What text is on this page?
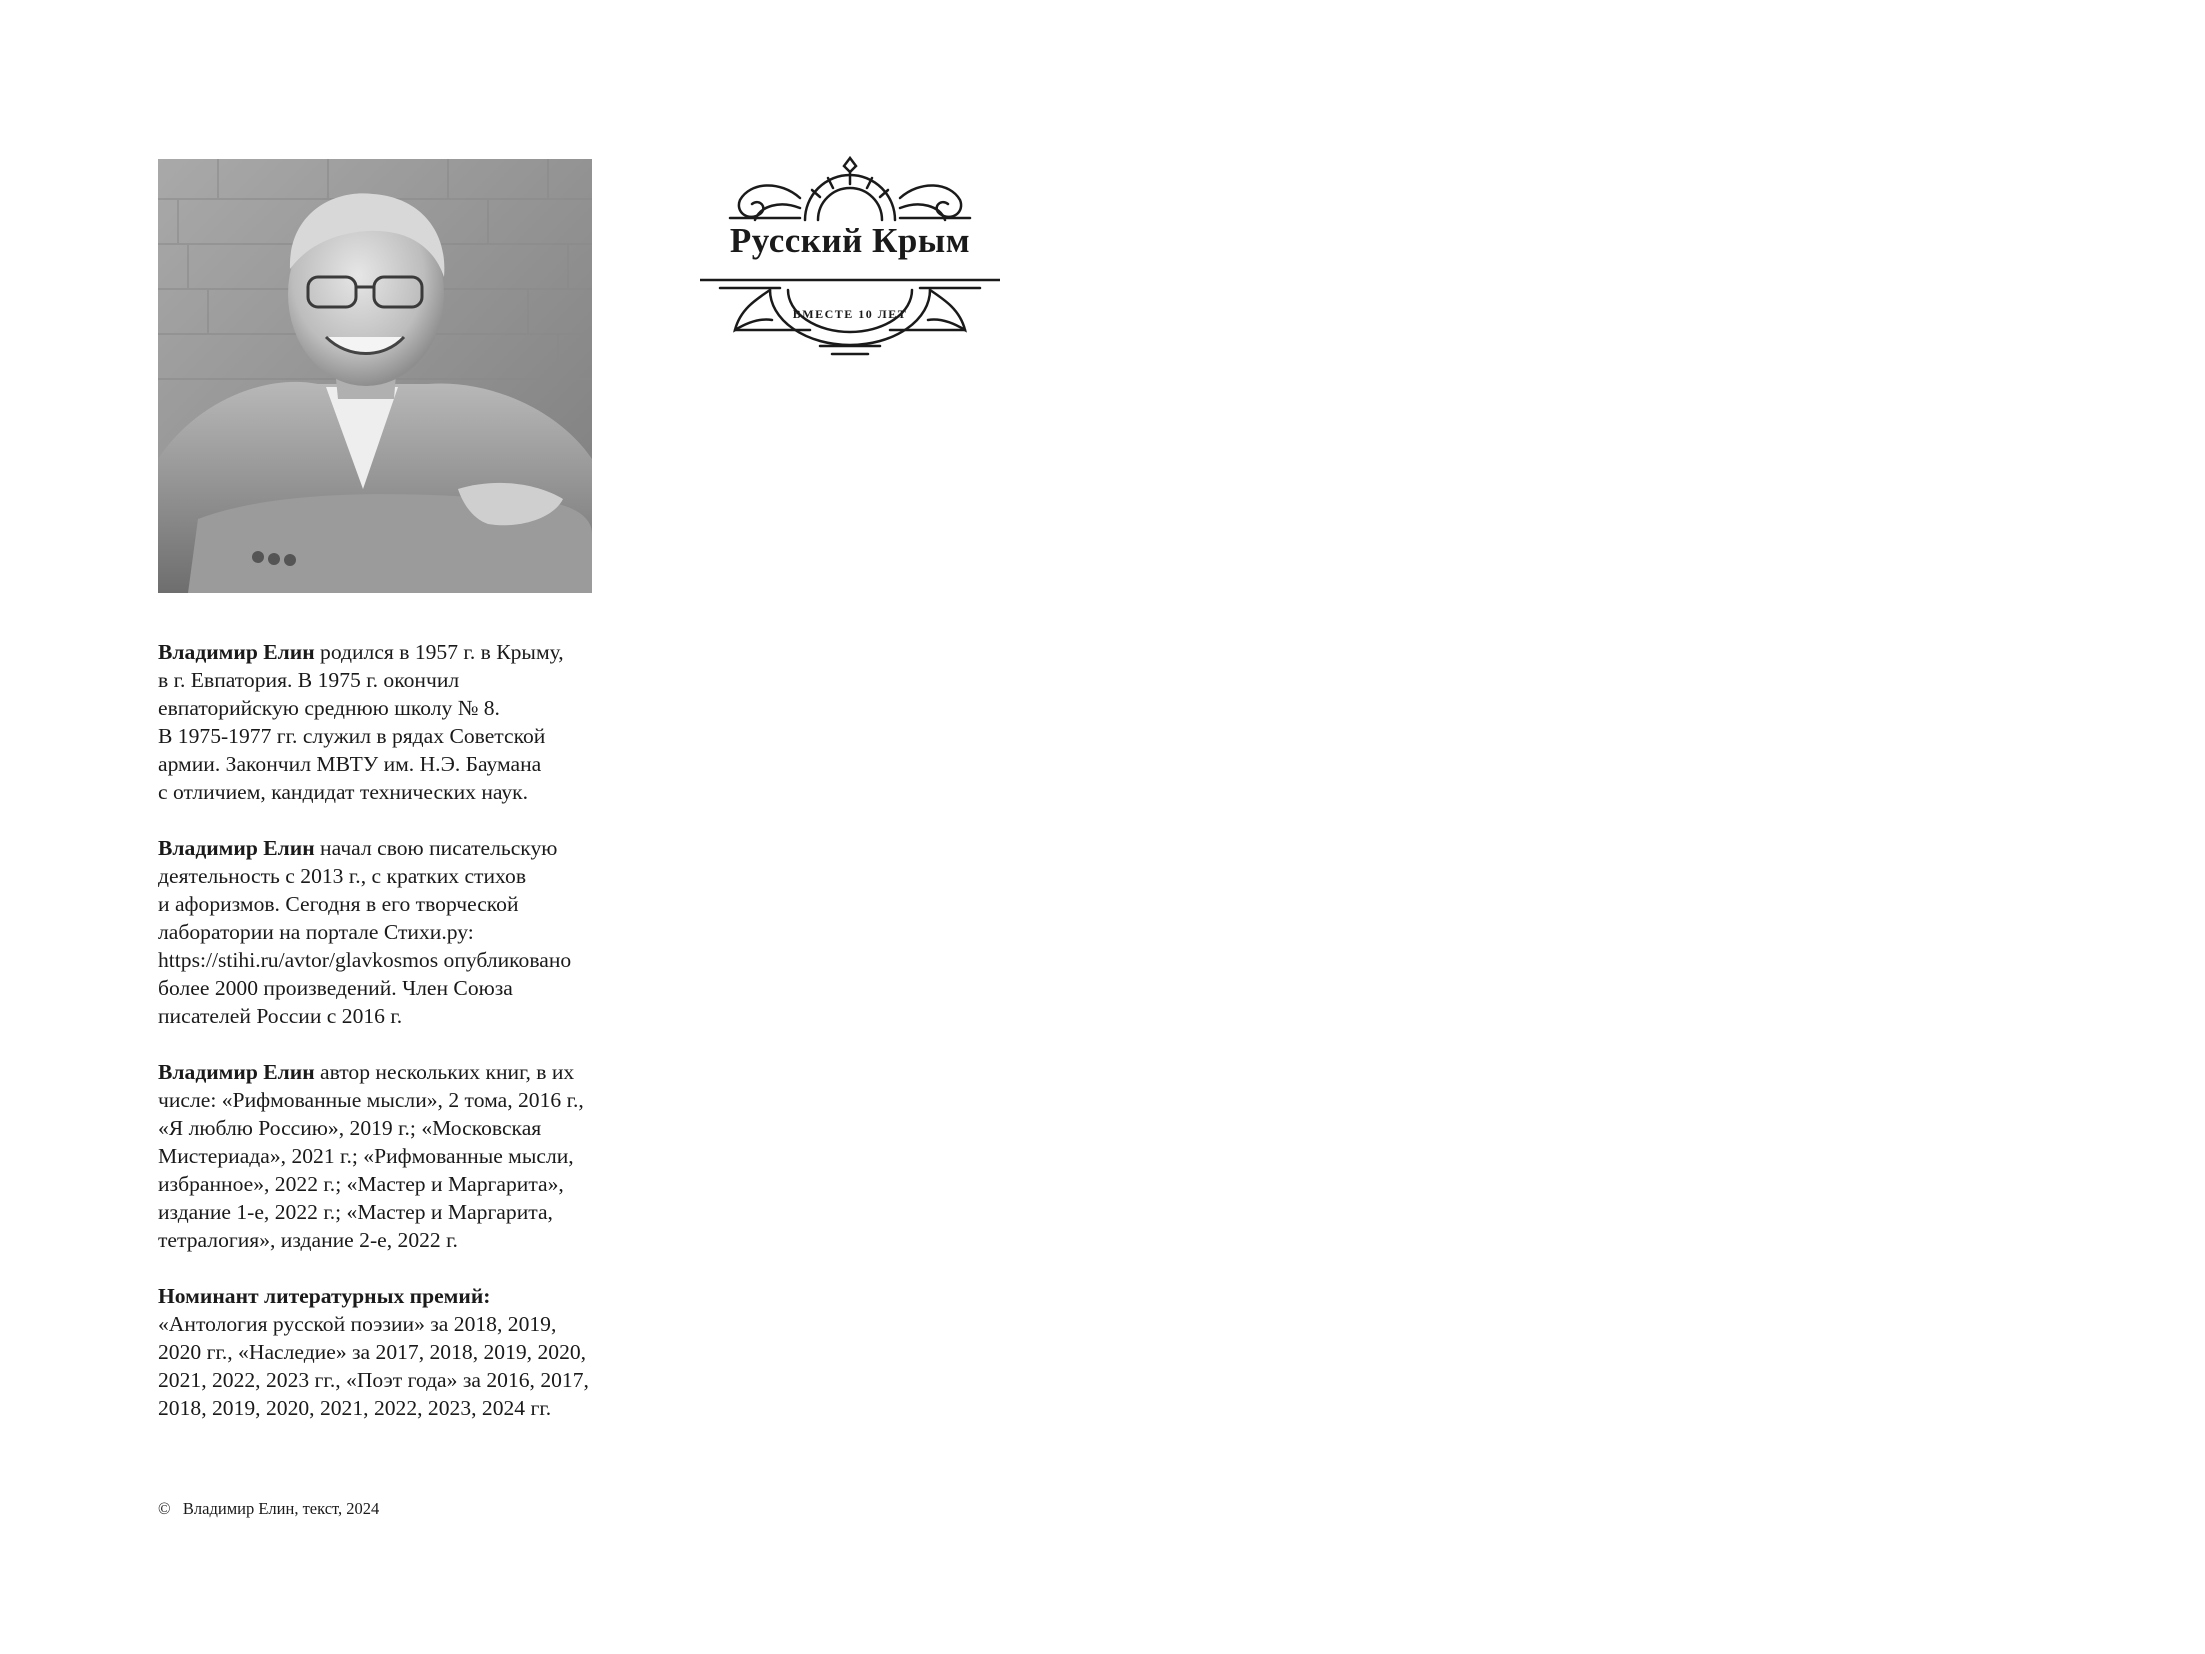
ВМЕСТЕ 10 ЛЕТ
Русский Крым

Владимир Елин родился в 1957 г. в Крыму,
в г. Евпатория. В 1975 г. окончил
евпаторийскую среднюю школу № 8.
В 1975-1977 гг. служил в рядах Советской
армии. Закончил МВТУ им. Н.Э. Баумана
с отличием, кандидат технических наук.

Владимир Елин начал свою писательскую
деятельность с 2013 г., с кратких стихов
и афоризмов. Сегодня в его творческой
лаборатории на портале Стихи.ру:
https://stihi.ru/avtor/glavkosmos опубликовано
более 2000 произведений. Член Союза
писателей России с 2016 г.

Владимир Елин автор нескольких книг, в их
числе: «Рифмованные мысли», 2 тома, 2016 г.,
«Я люблю Россию», 2019 г.; «Московская
Мистериада», 2021 г.; «Рифмованные мысли,
избранное», 2022 г.; «Мастер и Маргарита»,
издание 1-е, 2022 г.; «Мастер и Маргарита,
тетралогия», издание 2-е, 2022 г.

Номинант литературных премий:
«Антология русской поэзии» за 2018, 2019,
2020 гг., «Наследие» за 2017, 2018, 2019, 2020,
2021, 2022, 2023 гг., «Поэт года» за 2016, 2017,
2018, 2019, 2020, 2021, 2022, 2023, 2024 гг.

©   Владимир Елин, текст, 2024
